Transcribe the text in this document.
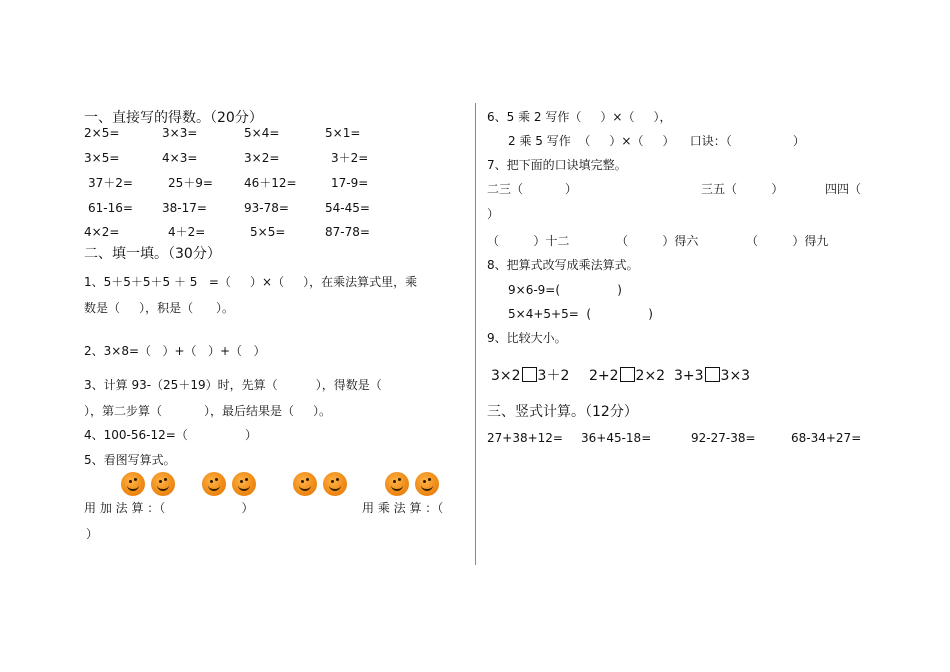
一、直接写的得数。（20分）
2×5=	3×3=	5×4=	5×1=
3×5=	4×3=	3×2=	3＋2=
37＋2=	25＋9=	46＋12=	17-9=
61-16= 38-17=	93-78=	54-45=
4×2=	4＋2=	5×5=	87-78=
二、填一填。（30分）
1、5＋5＋5＋5 ＋ 5   =（     ）×（     ），在乘法算式里，乘
数是（     ），积是（      ）。
2、3×8=（   ）+（   ）+（   ）
3、计算 93-（25＋19）时，先算（          ），得数是（
），第二步算（           ），最后结果是（     ）。
4、100-56-12=（               ）
5、看图写算式。
用 加 法 算 ：（                    ）	用 乘 法 算 ：（
）
6、5 乘 2 写作（     ）×（     ），
2 乘 5 写作  （     ）×（     ）    口诀：（                ）
7、把下面的口诀填完整。
二三（           ）	三五（         ）	四四（
）
（         ）十二	（         ）得六	（         ）得九
8、把算式改写成乘法算式。
9×6-9=(               )
5×4+5+5=  (               )
9、比较大小。
3×2 3＋2 2+2 2×2 3+3 3×3
三、竖式计算。（12分）
27+38+12= 36+45-18=	92-27-38=	68-34+27=
